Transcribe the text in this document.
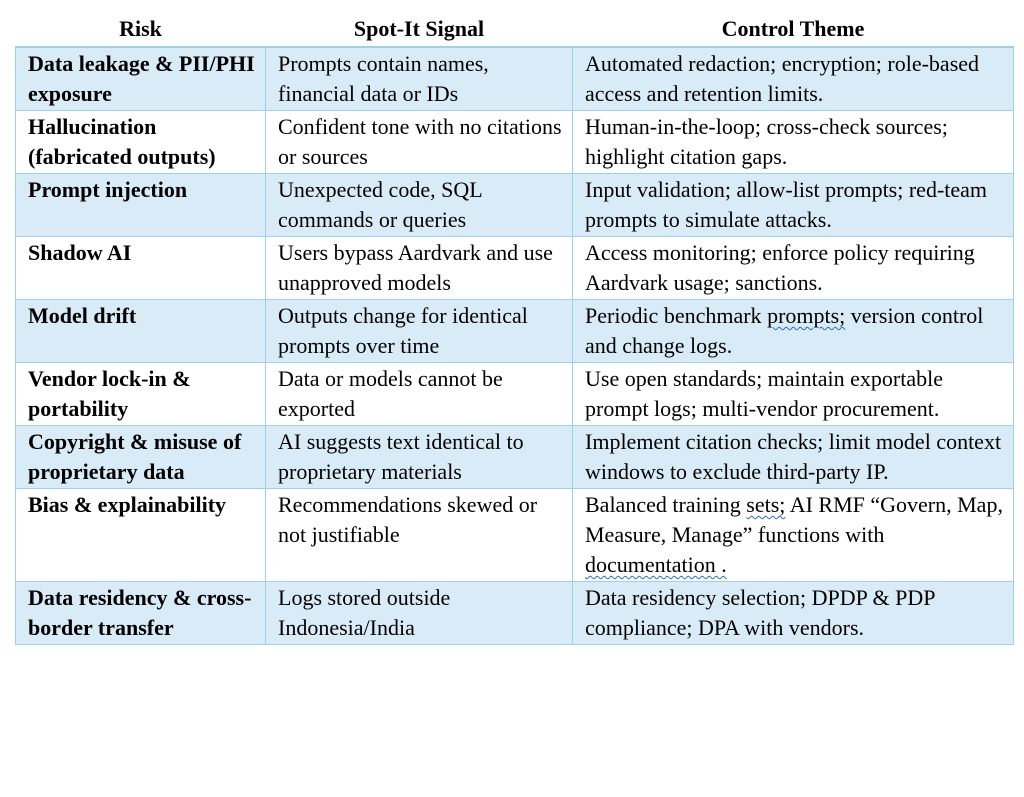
Risk	Spot-It Signal	Control Theme
Data leakage & PII/PHI exposure	Prompts contain names, financial data or IDs	Automated redaction; encryption; role-based access and retention limits.
Hallucination (fabricated outputs)	Confident tone with no citations or sources	Human-in-the-loop; cross-check sources; highlight citation gaps.
Prompt injection	Unexpected code, SQL commands or queries	Input validation; allow-list prompts; red-team prompts to simulate attacks.
Shadow AI	Users bypass Aardvark and use unapproved models	Access monitoring; enforce policy requiring Aardvark usage; sanctions.
Model drift	Outputs change for identical prompts over time	Periodic benchmark prompts; version control and change logs.
Vendor lock-in & portability	Data or models cannot be exported	Use open standards; maintain exportable prompt logs; multi-vendor procurement.
Copyright & misuse of proprietary data	AI suggests text identical to proprietary materials	Implement citation checks; limit model context windows to exclude third-party IP.
Bias & explainability	Recommendations skewed or not justifiable	Balanced training sets; AI RMF “Govern, Map, Measure, Manage” functions with documentation .
Data residency & cross-border transfer	Logs stored outside Indonesia/India	Data residency selection; DPDP & PDP compliance; DPA with vendors.
